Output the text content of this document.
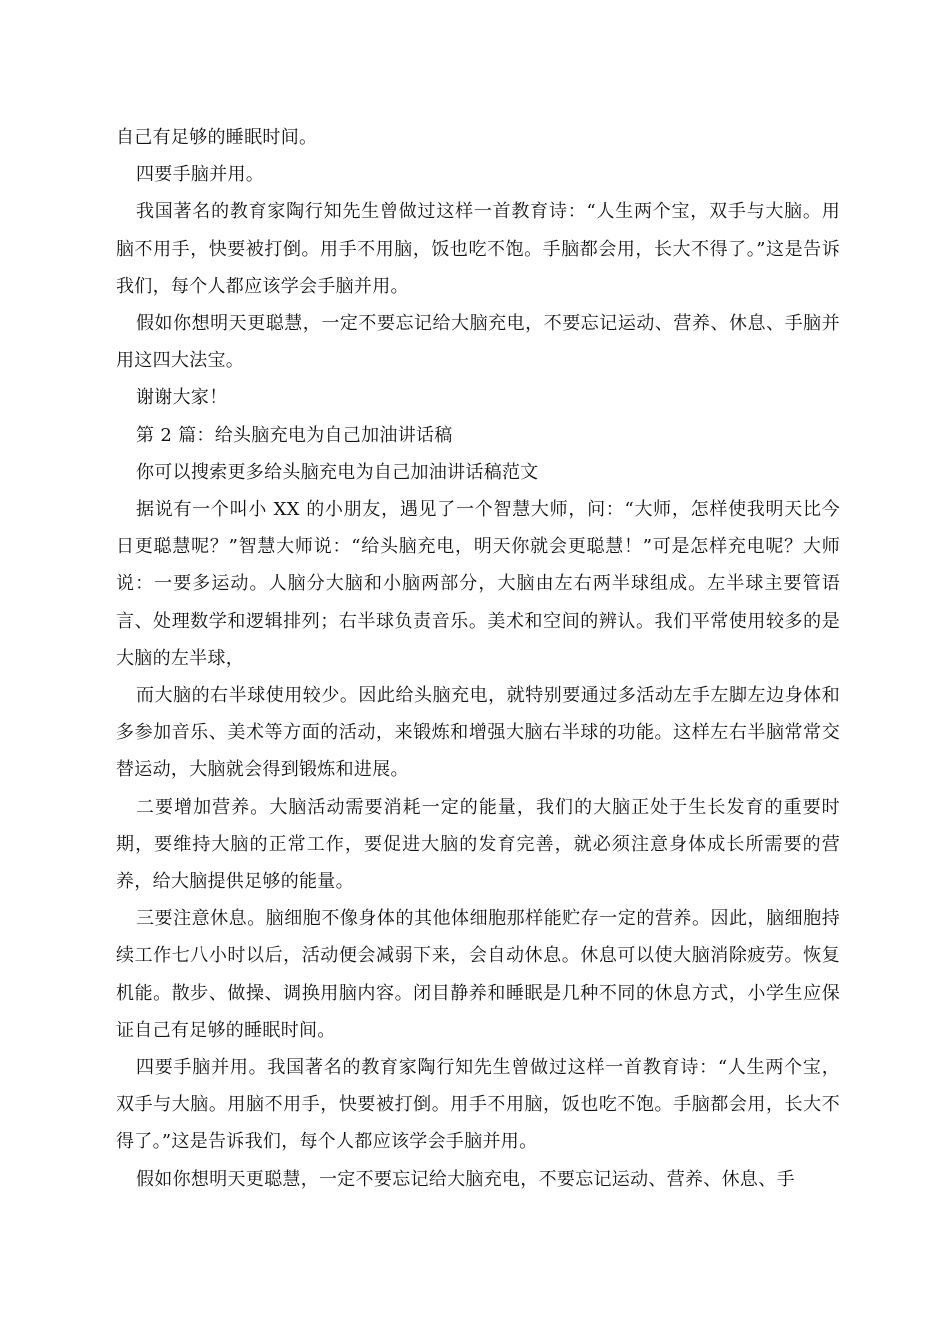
自己有足够的睡眠时间。

四要手脑并用。

我国著名的教育家陶行知先生曾做过这样一首教育诗：“人生两个宝，双手与大脑。用脑不用手，快要被打倒。用手不用脑，饭也吃不饱。手脑都会用，长大不得了。”这是告诉我们，每个人都应该学会手脑并用。

假如你想明天更聪慧，一定不要忘记给大脑充电，不要忘记运动、营养、休息、手脑并用这四大法宝。

谢谢大家！

第 2 篇：给头脑充电为自己加油讲话稿

你可以搜索更多给头脑充电为自己加油讲话稿范文

据说有一个叫小 XX 的小朋友，遇见了一个智慧大师，问：“大师，怎样使我明天比今日更聪慧呢？”智慧大师说：“给头脑充电，明天你就会更聪慧！”可是怎样充电呢？大师说：一要多运动。人脑分大脑和小脑两部分，大脑由左右两半球组成。左半球主要管语言、处理数学和逻辑排列；右半球负责音乐。美术和空间的辨认。我们平常使用较多的是大脑的左半球，

而大脑的右半球使用较少。因此给头脑充电，就特别要通过多活动左手左脚左边身体和多参加音乐、美术等方面的活动，来锻炼和增强大脑右半球的功能。这样左右半脑常常交替运动，大脑就会得到锻炼和进展。

二要增加营养。大脑活动需要消耗一定的能量，我们的大脑正处于生长发育的重要时期，要维持大脑的正常工作，要促进大脑的发育完善，就必须注意身体成长所需要的营养，给大脑提供足够的能量。

三要注意休息。脑细胞不像身体的其他体细胞那样能贮存一定的营养。因此，脑细胞持续工作七八小时以后，活动便会减弱下来，会自动休息。休息可以使大脑消除疲劳。恢复机能。散步、做操、调换用脑内容。闭目静养和睡眠是几种不同的休息方式，小学生应保证自己有足够的睡眠时间。

四要手脑并用。我国著名的教育家陶行知先生曾做过这样一首教育诗：“人生两个宝，双手与大脑。用脑不用手，快要被打倒。用手不用脑，饭也吃不饱。手脑都会用，长大不得了。”这是告诉我们，每个人都应该学会手脑并用。

假如你想明天更聪慧，一定不要忘记给大脑充电，不要忘记运动、营养、休息、手
